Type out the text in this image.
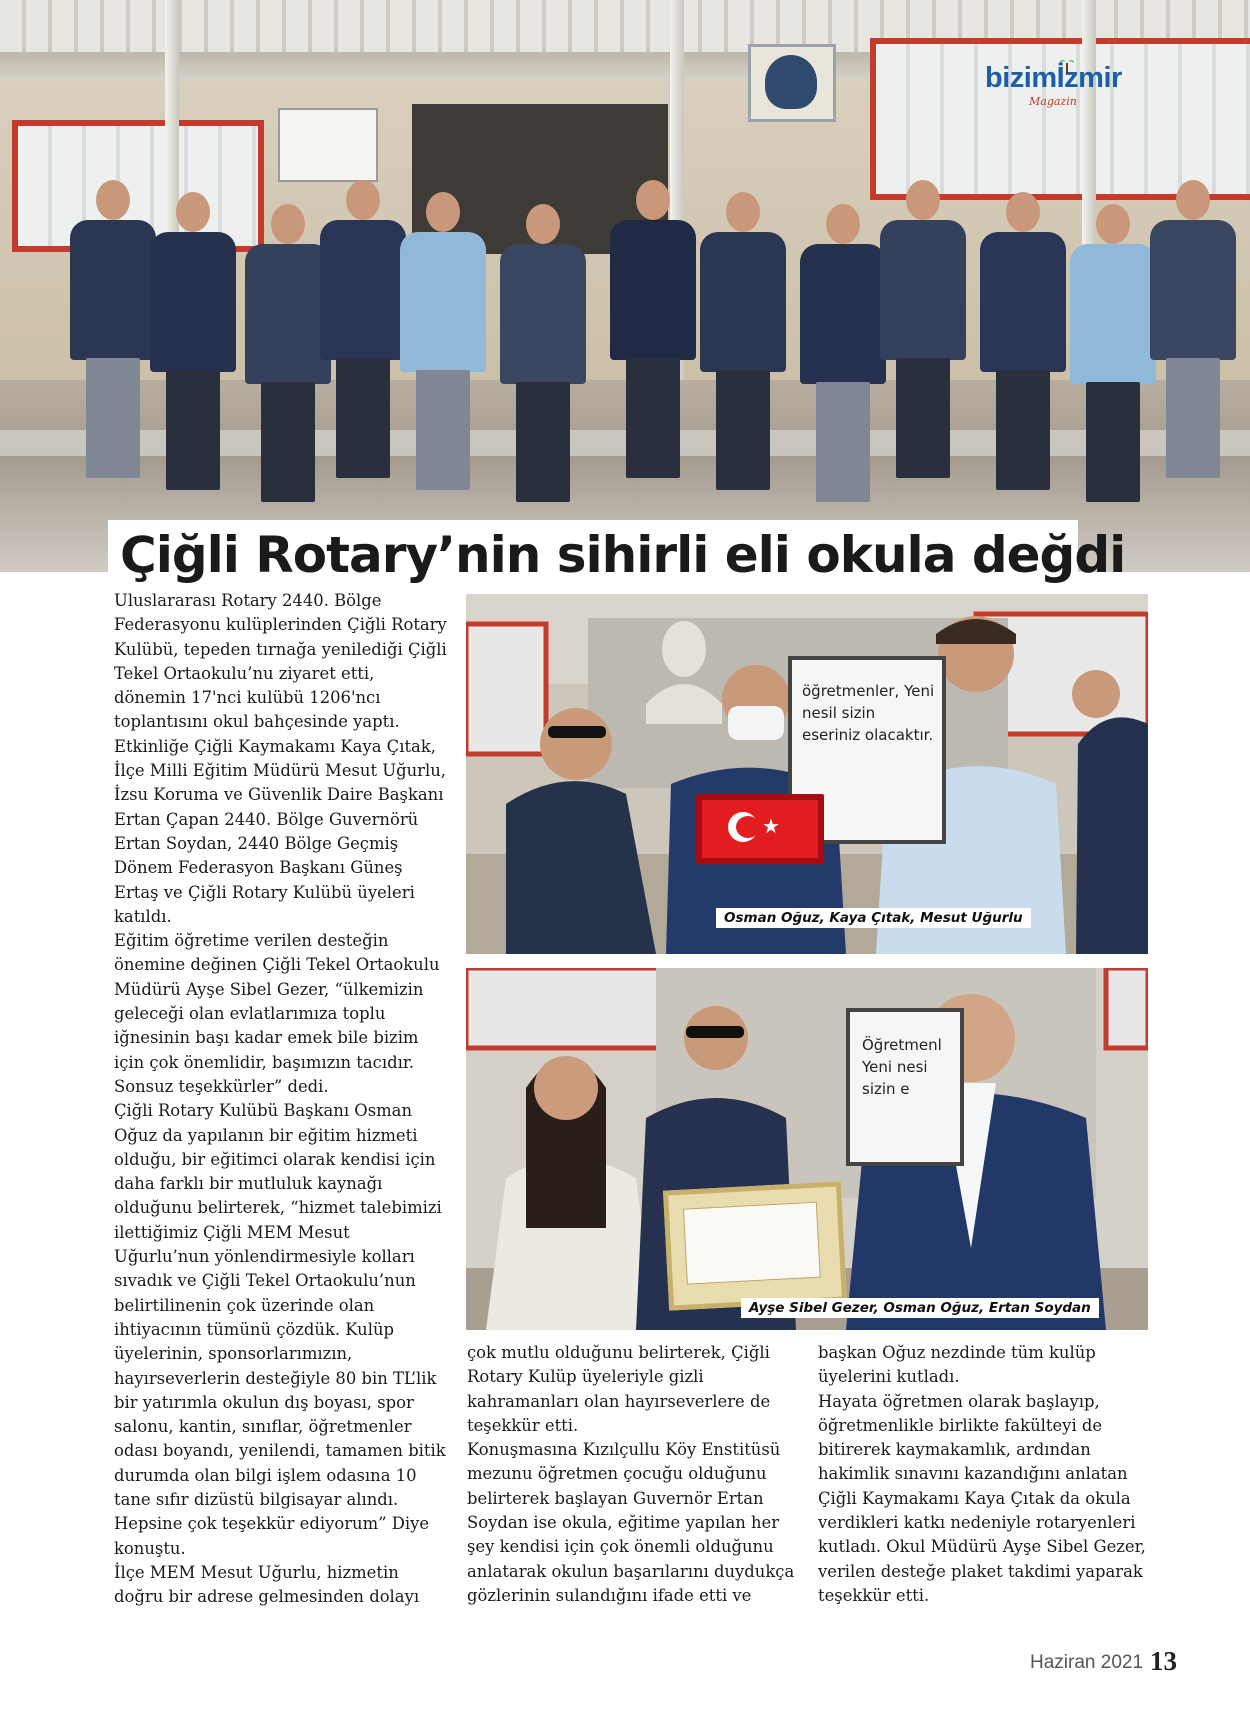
bizimİzmir
Magazin
Çiğli Rotary’nin sihirli eli okula değdi

Uluslararası Rotary 2440. Bölge Federasyonu kulüplerinden Çiğli Rotary Kulübü, tepeden tırnağa yenilediği Çiğli Tekel Ortaokulu’nu ziyaret etti, dönemin 17'nci kulübü 1206'ncı toplantısını okul bahçesinde yaptı. Etkinliğe Çiğli Kaymakamı Kaya Çıtak, İlçe Milli Eğitim Müdürü Mesut Uğurlu, İzsu Koruma ve Güvenlik Daire Başkanı Ertan Çapan 2440. Bölge Guvernörü Ertan Soydan, 2440 Bölge Geçmiş Dönem Federasyon Başkanı Güneş Ertaş ve Çiğli Rotary Kulübü üyeleri katıldı.

Eğitim öğretime verilen desteğin önemine değinen Çiğli Tekel Ortaokulu Müdürü Ayşe Sibel Gezer, “ülkemizin geleceği olan evlatlarımıza toplu iğnesinin başı kadar emek bile bizim için çok önemlidir, başımızın tacıdır. Sonsuz teşekkürler” dedi.

Çiğli Rotary Kulübü Başkanı Osman Oğuz da yapılanın bir eğitim hizmeti olduğu, bir eğitimci olarak kendisi için daha farklı bir mutluluk kaynağı olduğunu belirterek, “hizmet talebimizi ilettiğimiz Çiğli MEM Mesut Uğurlu’nun yönlendirmesiyle kolları sıvadık ve Çiğli Tekel Ortaokulu’nun belirtilinenin çok üzerinde olan ihtiyacının tümünü çözdük. Kulüp üyelerinin, sponsorlarımızın, hayırseverlerin desteğiyle 80 bin TL’lik bir yatırımla okulun dış boyası, spor salonu, kantin, sınıflar, öğretmenler odası boyandı, yenilendi, tamamen bitik durumda olan bilgi işlem odasına 10 tane sıfır dizüstü bilgisayar alındı. Hepsine çok teşekkür ediyorum” Diye konuştu.

İlçe MEM Mesut Uğurlu, hizmetin doğru bir adrese gelmesinden dolayı

öğretmenler, Yeni nesil sizin eseriniz olacaktır.
★
Osman Oğuz, Kaya Çıtak, Mesut Uğurlu
Öğretmenl Yeni nesi sizin e
Ayşe Sibel Gezer, Osman Oğuz, Ertan Soydan

çok mutlu olduğunu belirterek, Çiğli Rotary Kulüp üyeleriyle gizli kahramanları olan hayırseverlere de teşekkür etti.

Konuşmasına Kızılçullu Köy Enstitüsü mezunu öğretmen çocuğu olduğunu belirterek başlayan Guvernör Ertan Soydan ise okula, eğitime yapılan her şey kendisi için çok önemli olduğunu anlatarak okulun başarılarını duydukça gözlerinin sulandığını ifade etti ve

başkan Oğuz nezdinde tüm kulüp üyelerini kutladı.

Hayata öğretmen olarak başlayıp, öğretmenlikle birlikte fakülteyi de bitirerek kaymakamlık, ardından hakimlik sınavını kazandığını anlatan Çiğli Kaymakamı Kaya Çıtak da okula verdikleri katkı nedeniyle rotaryenleri kutladı. Okul Müdürü Ayşe Sibel Gezer, verilen desteğe plaket takdimi yaparak teşekkür etti.

Haziran 2021 13
